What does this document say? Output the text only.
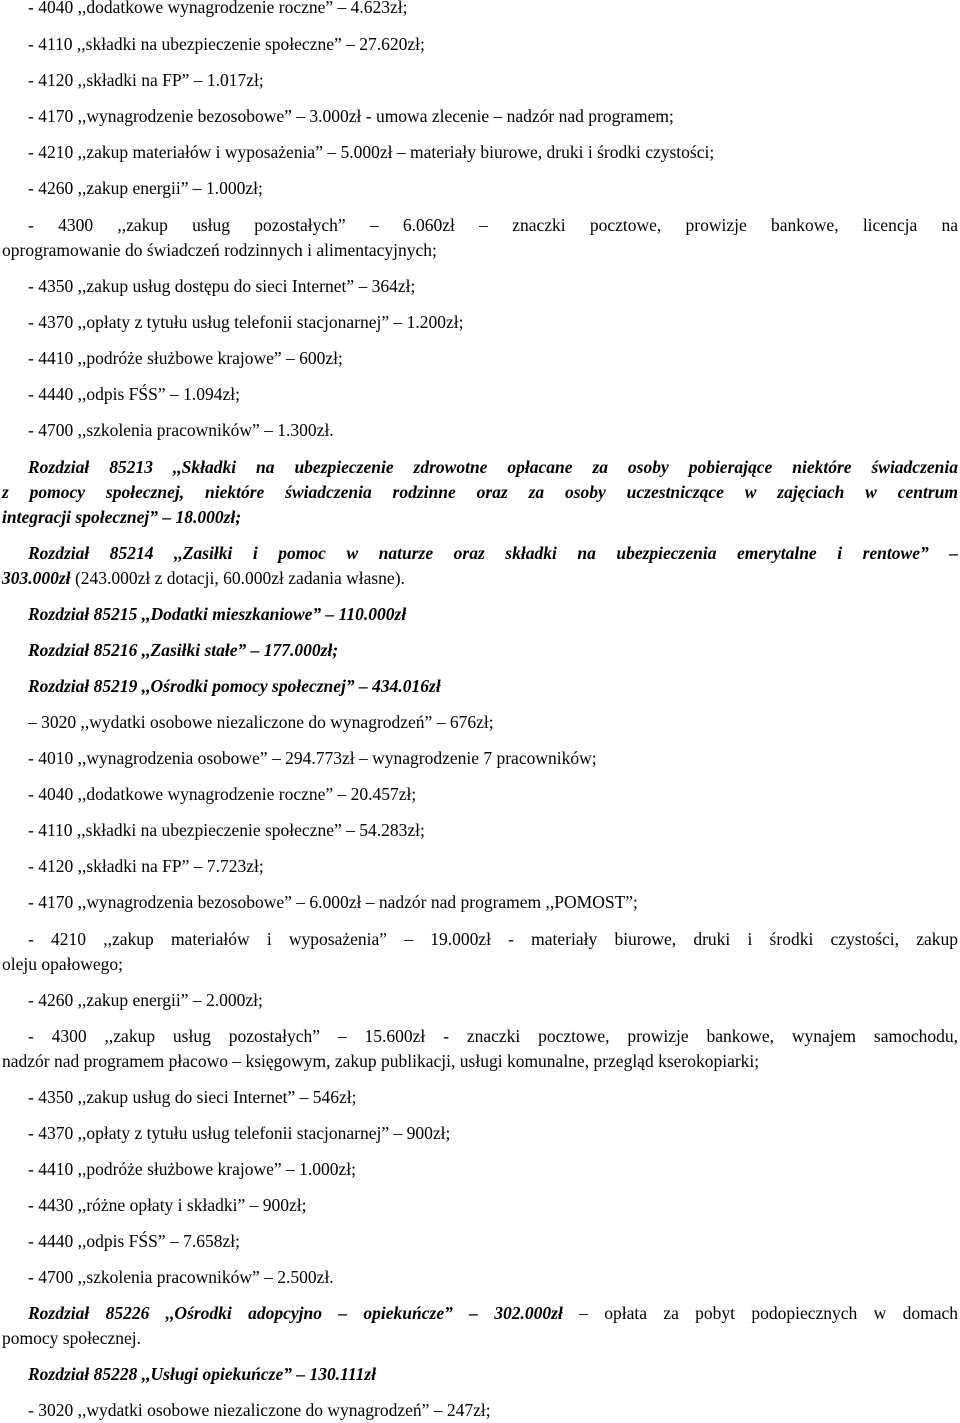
- 4040 ,,dodatkowe wynagrodzenie roczne” – 4.623zł;
- 4110 ,,składki na ubezpieczenie społeczne” – 27.620zł;
- 4120 ,,składki na FP” – 1.017zł;
- 4170 ,,wynagrodzenie bezosobowe” – 3.000zł - umowa zlecenie – nadzór nad programem;
- 4210 ,,zakup materiałów i wyposażenia” – 5.000zł – materiały biurowe, druki i środki czystości;
- 4260 ,,zakup energii” – 1.000zł;
- 4300 ,,zakup usług pozostałych” – 6.060zł – znaczki pocztowe, prowizje bankowe, licencja na
oprogramowanie do świadczeń rodzinnych i alimentacyjnych;
- 4350 ,,zakup usług dostępu do sieci Internet” – 364zł;
- 4370 ,,opłaty z tytułu usług telefonii stacjonarnej” – 1.200zł;
- 4410 ,,podróże służbowe krajowe” – 600zł;
- 4440 ,,odpis FŚS” – 1.094zł;
- 4700 ,,szkolenia pracowników” – 1.300zł.
Rozdział 85213 ,,Składki na ubezpieczenie zdrowotne opłacane za osoby pobierające niektóre świadczenia
z pomocy społecznej, niektóre świadczenia rodzinne oraz za osoby uczestniczące w zajęciach w centrum
integracji społecznej” – 18.000zł;
Rozdział 85214 ,,Zasiłki i pomoc w naturze oraz składki na ubezpieczenia emerytalne i rentowe” –
303.000zł (243.000zł z dotacji, 60.000zł zadania własne).
Rozdział 85215 ,,Dodatki mieszkaniowe” – 110.000zł
Rozdział 85216 ,,Zasiłki stałe” – 177.000zł;
Rozdział 85219 ,,Ośrodki pomocy społecznej” – 434.016zł
– 3020 ,,wydatki osobowe niezaliczone do wynagrodzeń” – 676zł;
- 4010 ,,wynagrodzenia osobowe” – 294.773zł – wynagrodzenie 7 pracowników;
- 4040 ,,dodatkowe wynagrodzenie roczne” – 20.457zł;
- 4110 ,,składki na ubezpieczenie społeczne” – 54.283zł;
- 4120 ,,składki na FP” – 7.723zł;
- 4170 ,,wynagrodzenia bezosobowe” – 6.000zł – nadzór nad programem ,,POMOST”;
- 4210 ,,zakup materiałów i wyposażenia” – 19.000zł - materiały biurowe, druki i środki czystości, zakup
oleju opałowego;
- 4260 ,,zakup energii” – 2.000zł;
- 4300 ,,zakup usług pozostałych” – 15.600zł - znaczki pocztowe, prowizje bankowe, wynajem samochodu,
nadzór nad programem płacowo – księgowym, zakup publikacji, usługi komunalne, przegląd kserokopiarki;
- 4350 ,,zakup usług do sieci Internet” – 546zł;
- 4370 ,,opłaty z tytułu usług telefonii stacjonarnej” – 900zł;
- 4410 ,,podróże służbowe krajowe” – 1.000zł;
- 4430 ,,różne opłaty i składki” – 900zł;
- 4440 ,,odpis FŚS” – 7.658zł;
- 4700 ,,szkolenia pracowników” – 2.500zł.
Rozdział 85226 ,,Ośrodki adopcyjno – opiekuńcze” – 302.000zł – opłata za pobyt podopiecznych w domach
pomocy społecznej.
Rozdział 85228 ,,Usługi opiekuńcze” – 130.111zł
- 3020 ,,wydatki osobowe niezaliczone do wynagrodzeń” – 247zł;
